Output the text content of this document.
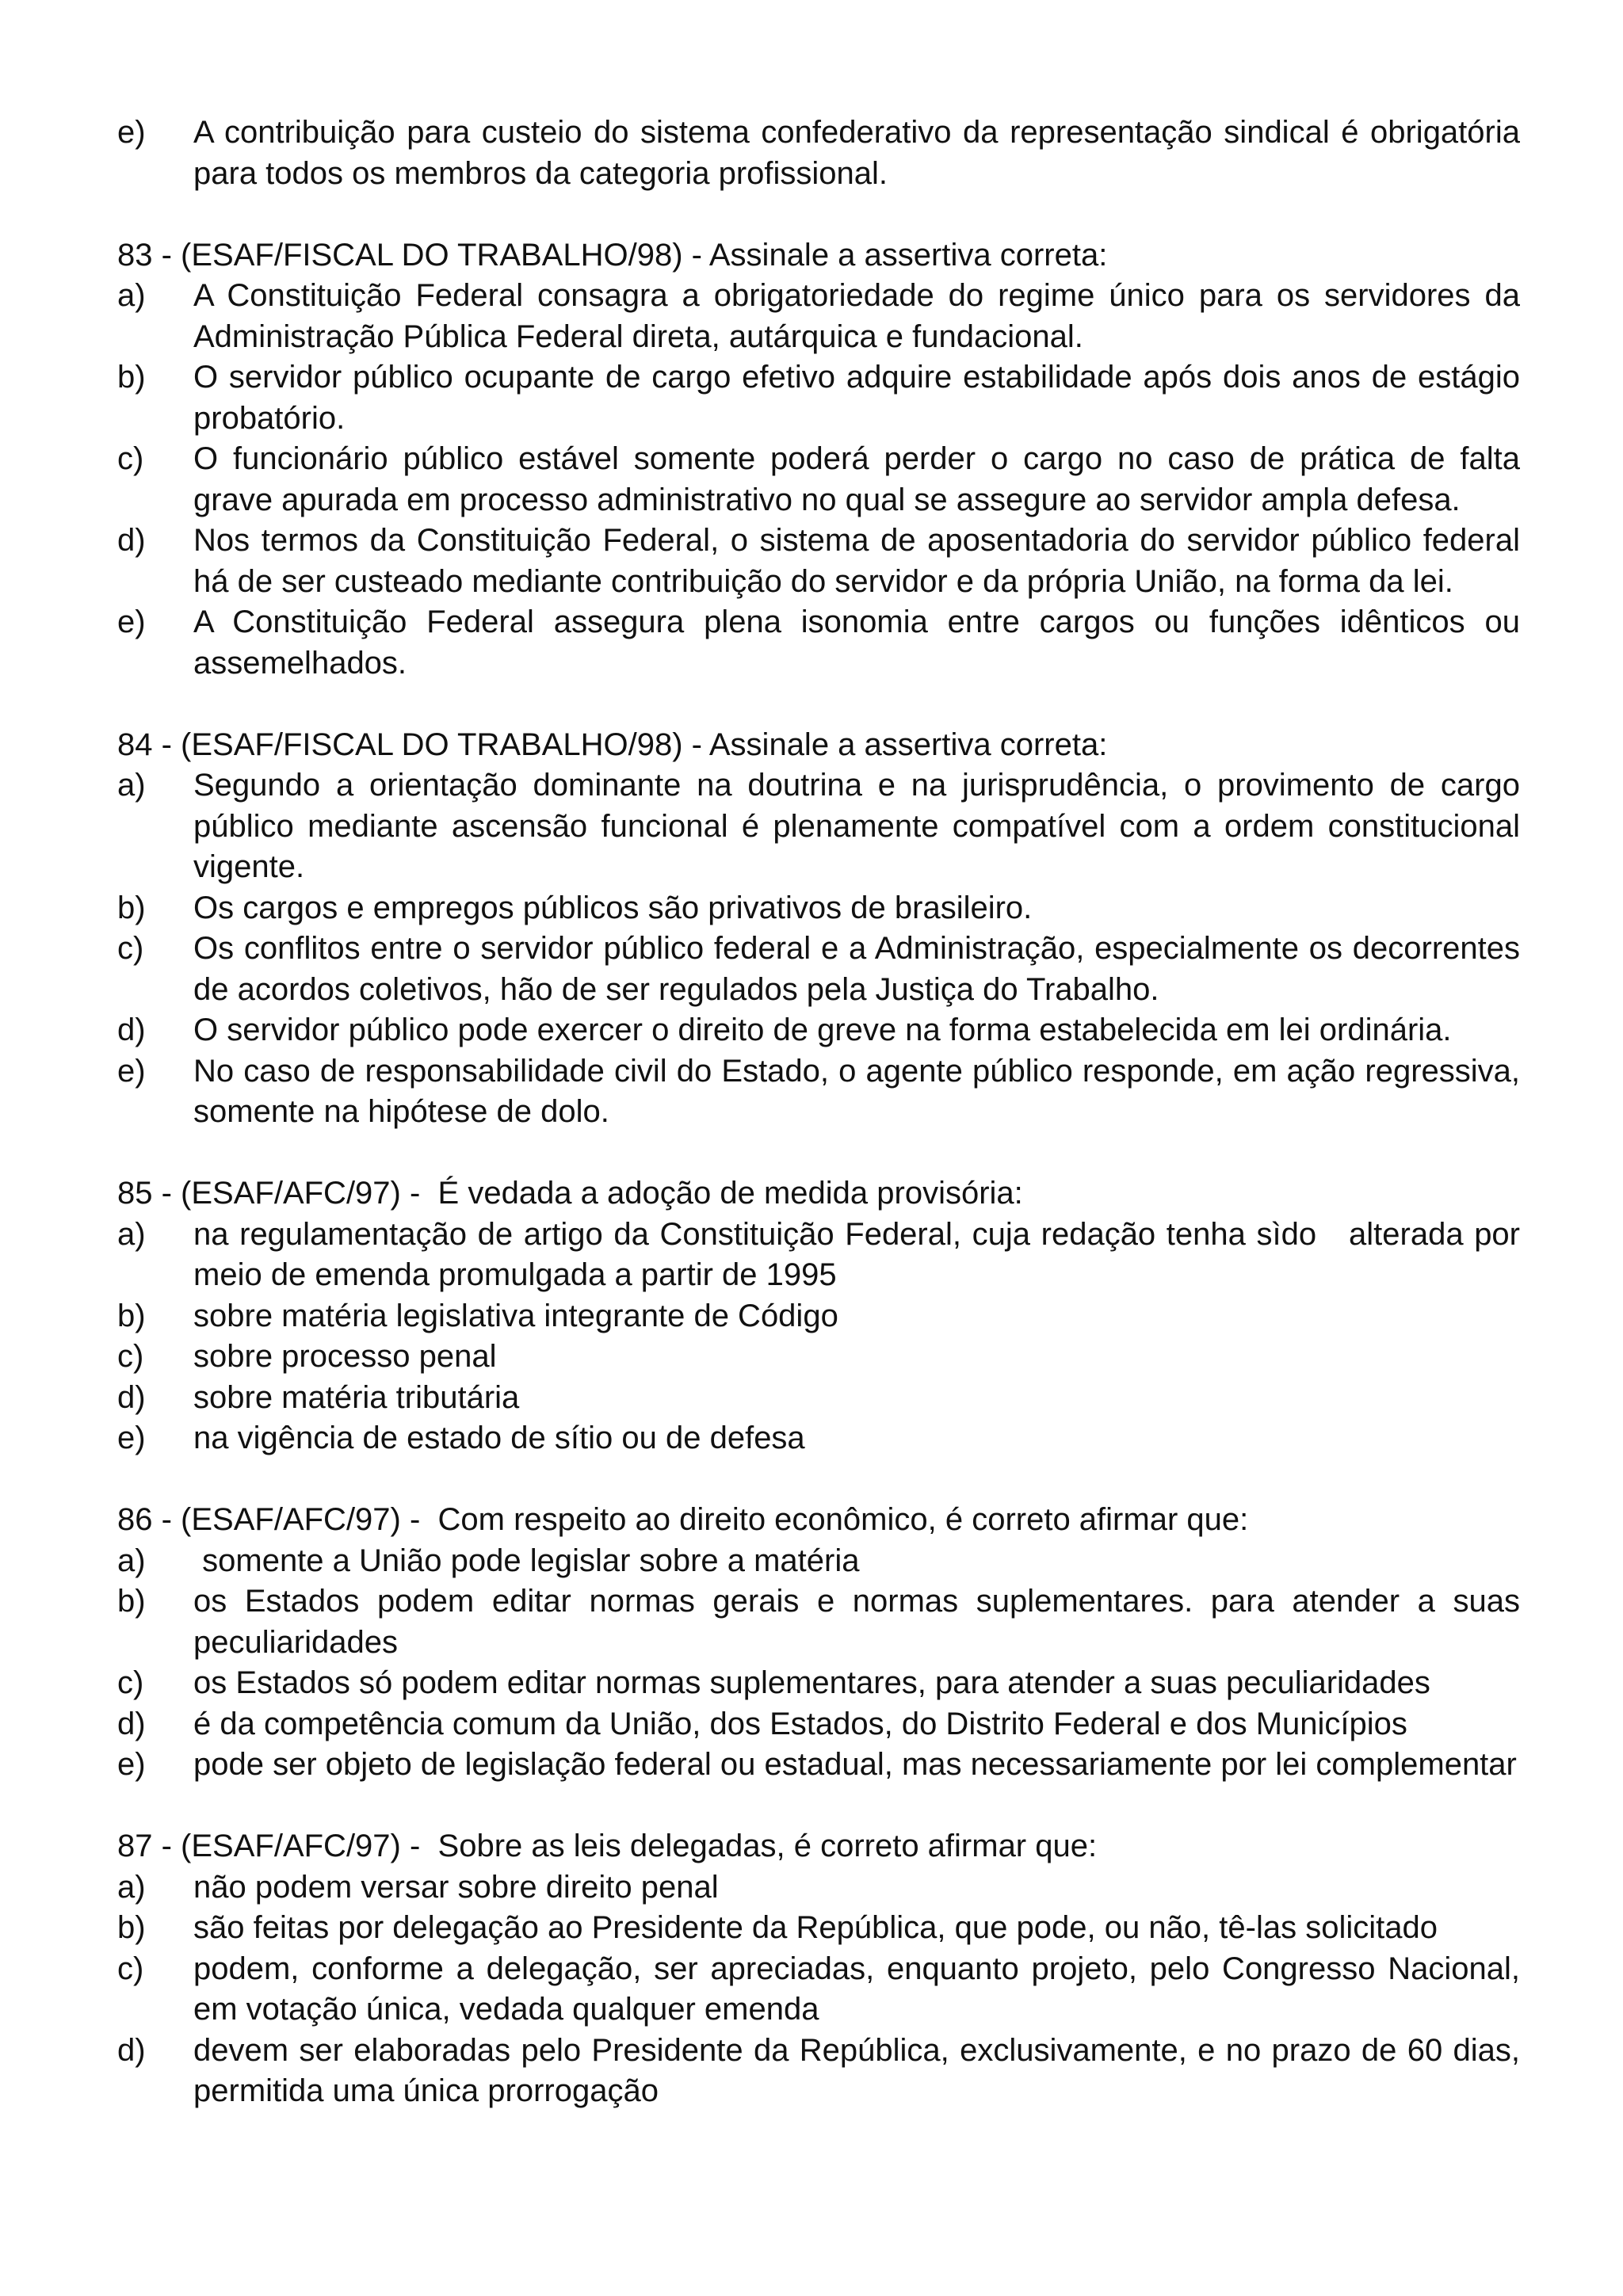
e)	A contribuição para custeio do sistema confederativo da representação sindical é obrigatória para todos os membros da categoria profissional.

83 - (ESAF/FISCAL DO TRABALHO/98) - Assinale a assertiva correta:

a)	A Constituição Federal consagra a obrigatoriedade do regime único para os servidores da Administração Pública Federal direta, autárquica e fundacional.
b)	O servidor público ocupante de cargo efetivo adquire estabilidade após dois anos de estágio probatório.
c)	O funcionário público estável somente poderá perder o cargo no caso de prática de falta grave apurada em processo administrativo no qual se assegure ao servidor ampla defesa.
d)	Nos termos da Constituição Federal, o sistema de aposentadoria do servidor público federal há de ser custeado mediante contribuição do servidor e da própria União, na forma da lei.
e)	A Constituição Federal assegura plena isonomia entre cargos ou funções idênticos ou assemelhados.

84 - (ESAF/FISCAL DO TRABALHO/98) - Assinale a assertiva correta:

a)	Segundo a orientação dominante na doutrina e na jurisprudência, o provimento de cargo público mediante ascensão funcional é plenamente compatível com a ordem constitucional vigente.
b)	Os cargos e empregos públicos são privativos de brasileiro.
c)	Os conflitos entre o servidor público federal e a Administração, especialmente os decorrentes de acordos coletivos, hão de ser regulados pela Justiça do Trabalho.
d)	O servidor público pode exercer o direito de greve na forma estabelecida em lei ordinária.
e)	No caso de responsabilidade civil do Estado, o agente público responde, em ação regressiva, somente na hipótese de dolo.

85 - (ESAF/AFC/97) -  É vedada a adoção de medida provisória:

a)	na regulamentação de artigo da Constituição Federal, cuja redação tenha sìdo   alterada por meio de emenda promulgada a partir de 1995
b)	sobre matéria legislativa integrante de Código
c)	sobre processo penal
d)	sobre matéria tributária
e)	na vigência de estado de sítio ou de defesa

86 - (ESAF/AFC/97) -  Com respeito ao direito econômico, é correto afirmar que:

a)	somente a União pode legislar sobre a matéria
b)	os Estados podem editar normas gerais e normas suplementares. para atender a suas peculiaridades
c)	os Estados só podem editar normas suplementares, para atender a suas peculiaridades
d)	é da competência comum da União, dos Estados, do Distrito Federal e dos Municípios
e)	pode ser objeto de legislação federal ou estadual, mas necessariamente por lei complementar

87 - (ESAF/AFC/97) -  Sobre as leis delegadas, é correto afirmar que:

a)	não podem versar sobre direito penal
b)	são feitas por delegação ao Presidente da República, que pode, ou não, tê-las solicitado
c)	podem, conforme a delegação, ser apreciadas, enquanto projeto, pelo Congresso Nacional, em votação única, vedada qualquer emenda
d)	devem ser elaboradas pelo Presidente da República, exclusivamente, e no prazo de 60 dias, permitida uma única prorrogação
